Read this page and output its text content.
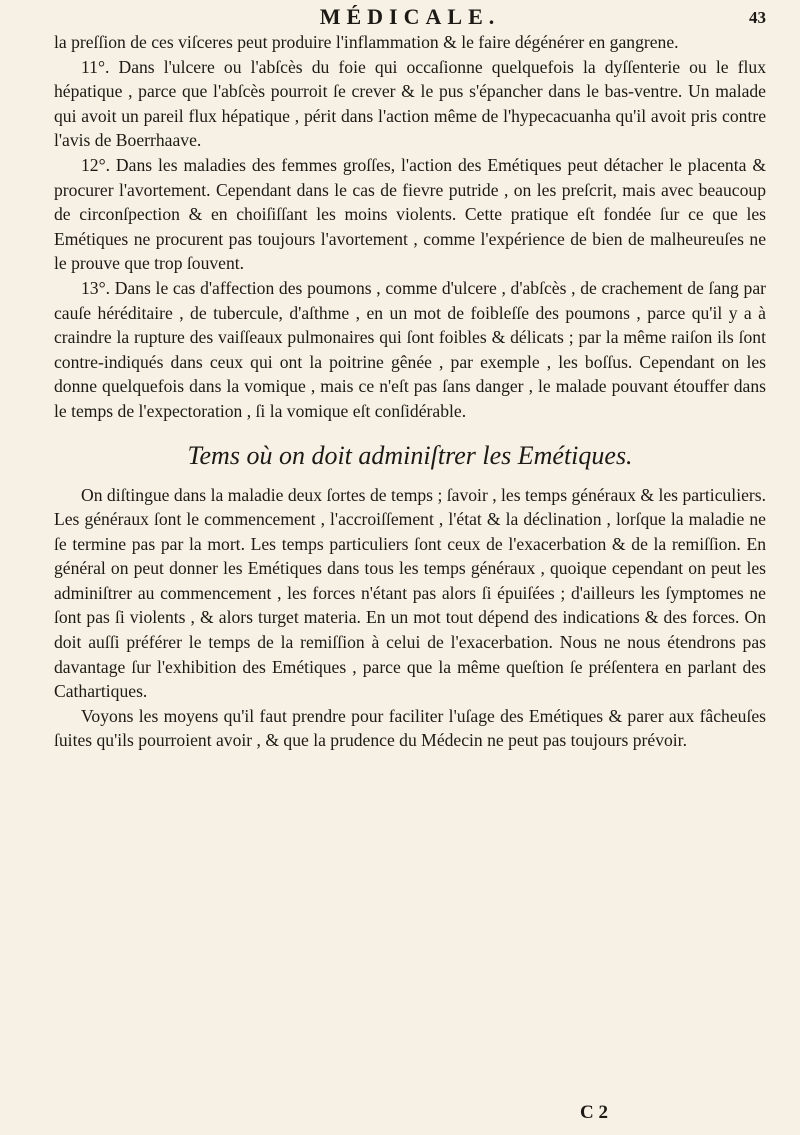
MÉDICALE.	43

la preſſion de ces viſceres peut produire l'inflammation & le faire dégénérer en gangrene.

11°. Dans l'ulcere ou l'abſcès du foie qui occaſionne quelquefois la dyſſenterie ou le flux hépatique , parce que l'abſcès pourroit ſe crever & le pus s'épancher dans le bas-ventre. Un malade qui avoit un pareil flux hépatique , périt dans l'action même de l'hypecacuanha qu'il avoit pris contre l'avis de Boerrhaave.

12°. Dans les maladies des femmes groſſes, l'action des Emétiques peut détacher le placenta & procurer l'avortement. Cependant dans le cas de fievre putride , on les preſcrit, mais avec beaucoup de circonſpection & en choiſiſſant les moins violents. Cette pratique eſt fondée ſur ce que les Emétiques ne procurent pas toujours l'avortement , comme l'expérience de bien de malheureuſes ne le prouve que trop ſouvent.

13°. Dans le cas d'affection des poumons , comme d'ulcere , d'abſcès , de crachement de ſang par cauſe héréditaire , de tubercule, d'aſthme , en un mot de foibleſſe des poumons , parce qu'il y a à craindre la rupture des vaiſſeaux pulmonaires qui ſont foibles & délicats ; par la même raiſon ils ſont contre-indiqués dans ceux qui ont la poitrine gênée , par exemple , les boſſus. Cependant on les donne quelquefois dans la vomique , mais ce n'eſt pas ſans danger , le malade pouvant étouffer dans le temps de l'expectoration , ſi la vomique eſt conſidérable.

Tems où on doit adminiſtrer les Emétiques.

On diſtingue dans la maladie deux ſortes de temps ; ſavoir , les temps généraux & les particuliers. Les généraux ſont le commencement , l'accroiſſement , l'état & la déclination , lorſque la maladie ne ſe termine pas par la mort. Les temps particuliers ſont ceux de l'exacerbation & de la remiſſion. En général on peut donner les Emétiques dans tous les temps généraux , quoique cependant on peut les adminiſtrer au commencement , les forces n'étant pas alors ſi épuiſées ; d'ailleurs les ſymptomes ne ſont pas ſi violents , & alors turget materia. En un mot tout dépend des indications & des forces. On doit auſſi préférer le temps de la remiſſion à celui de l'exacerbation. Nous ne nous étendrons pas davantage ſur l'exhibition des Emétiques , parce que la même queſtion ſe préſentera en parlant des Cathartiques.

Voyons les moyens qu'il faut prendre pour faciliter l'uſage des Emétiques & parer aux fâcheuſes ſuites qu'ils pourroient avoir , & que la prudence du Médecin ne peut pas toujours prévoir.

C 2
